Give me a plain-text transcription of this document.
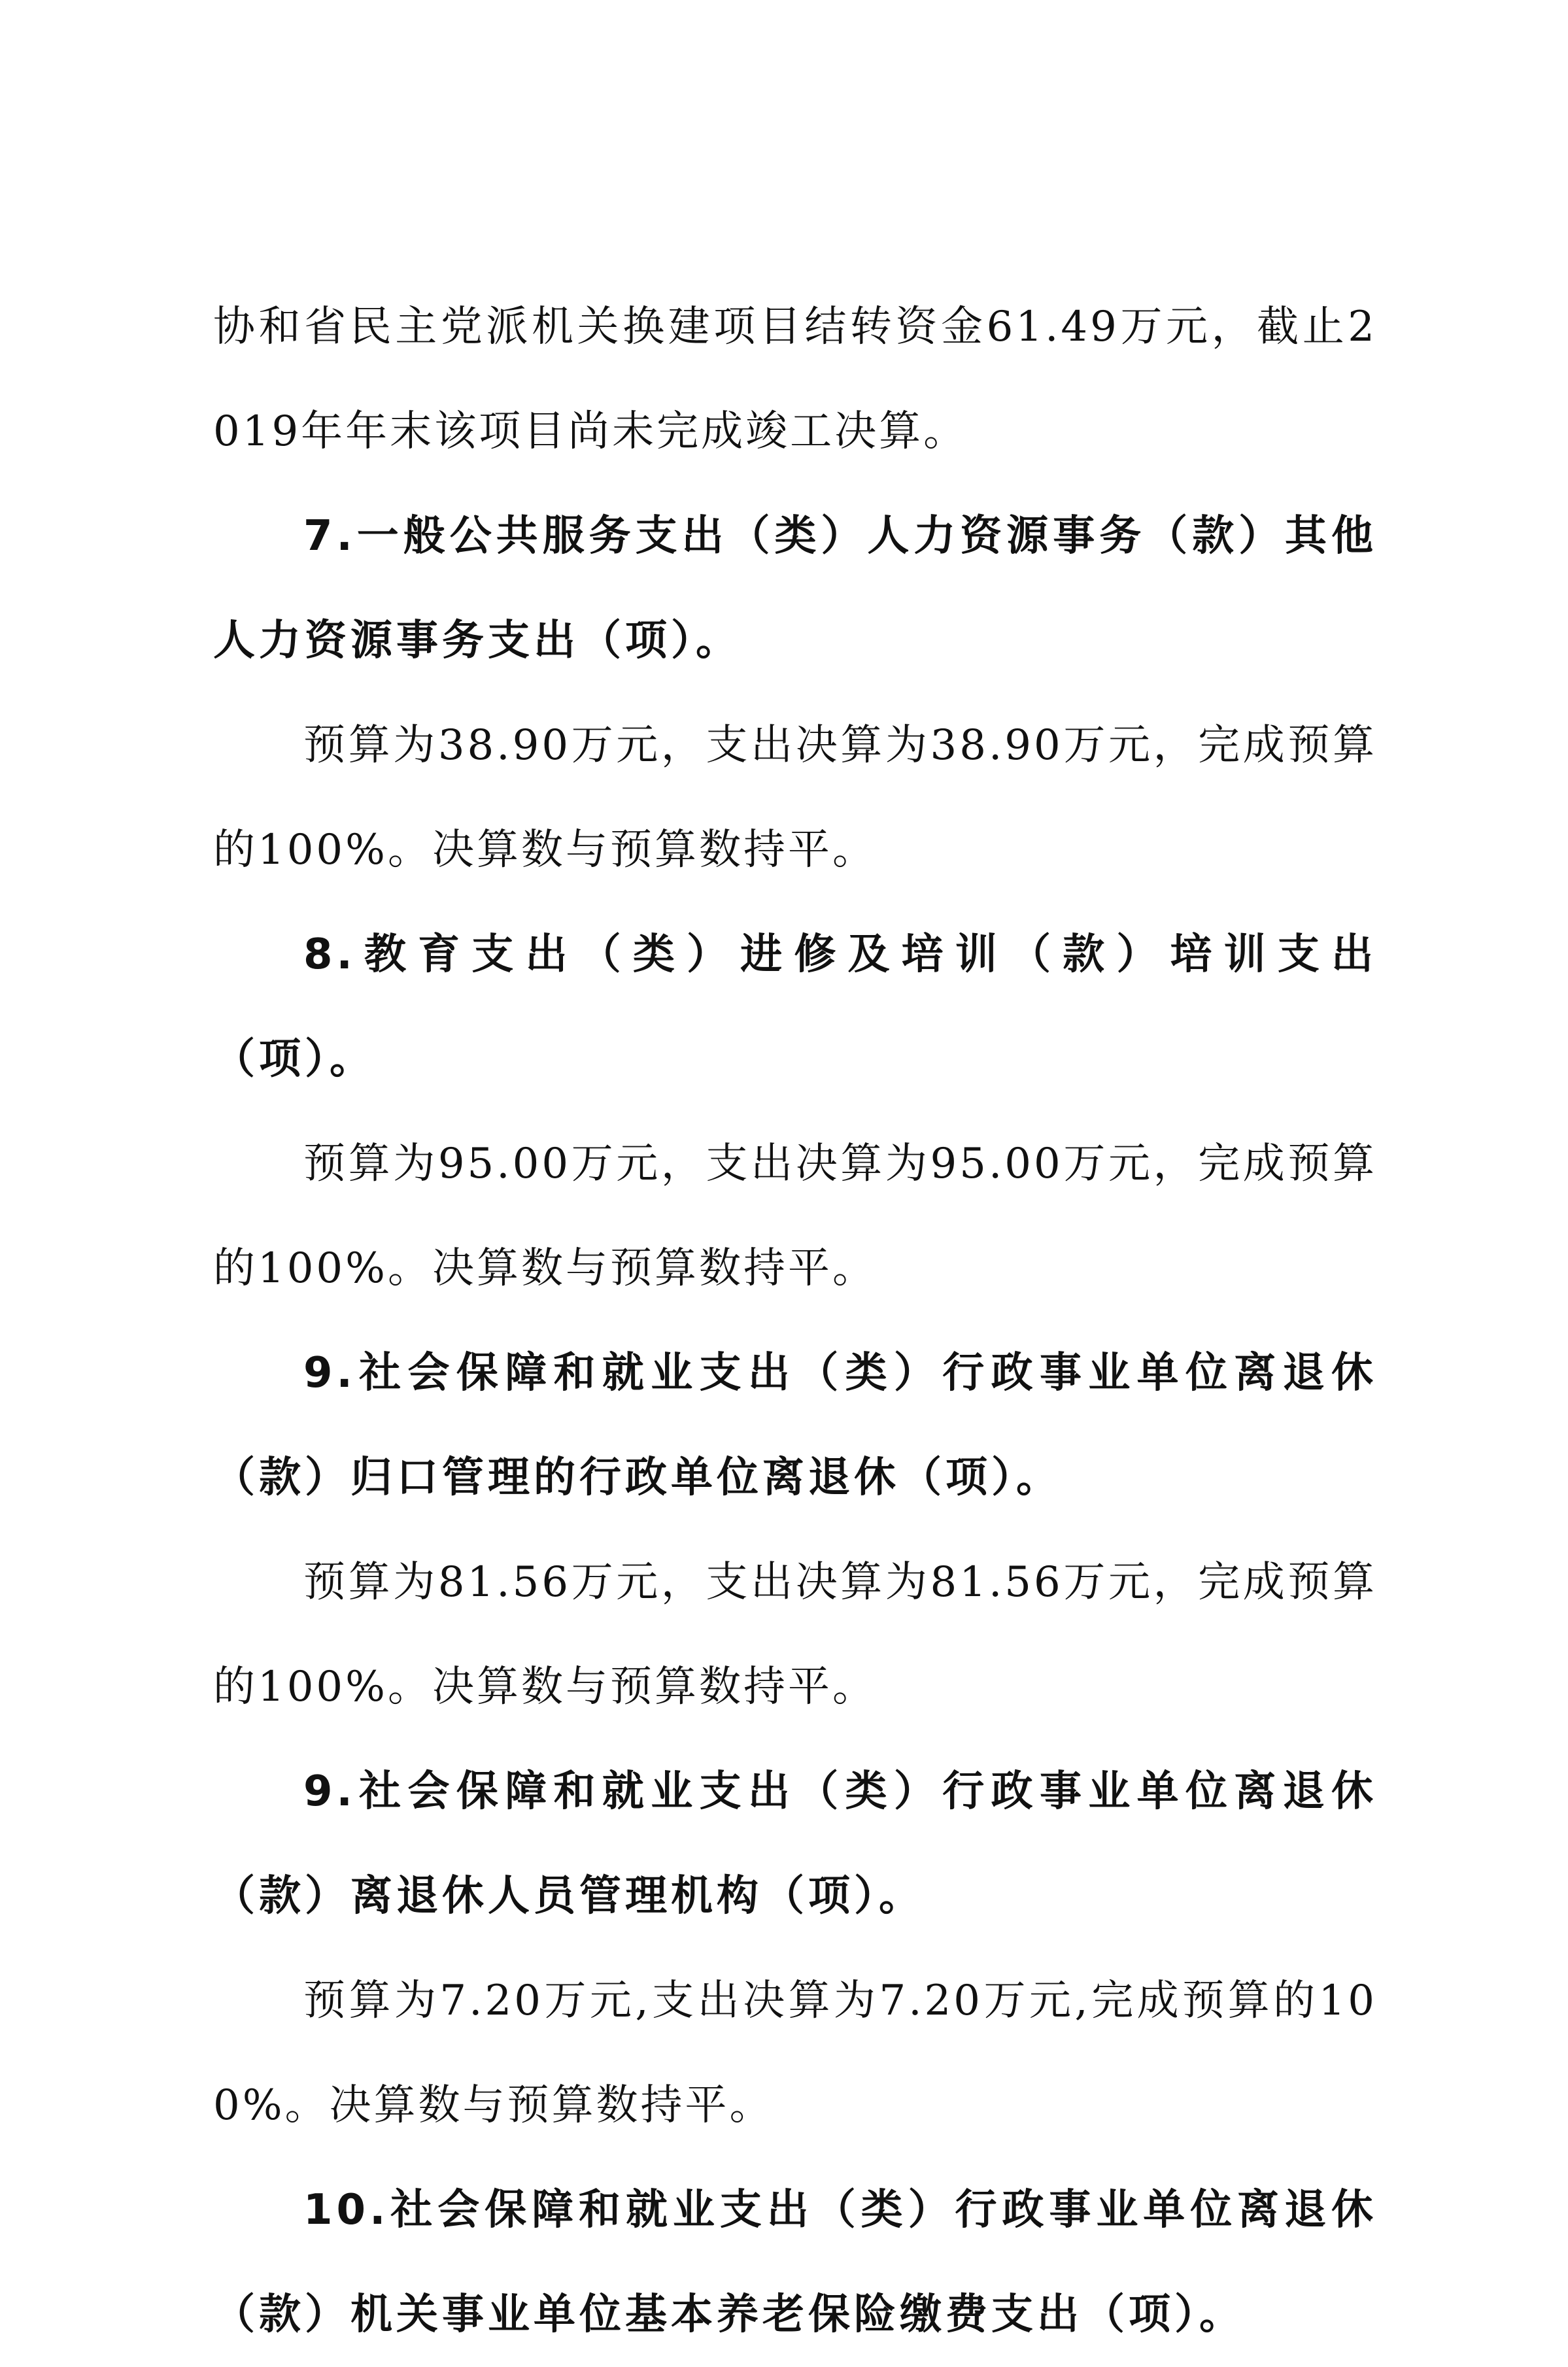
协和省民主党派机关换建项目结转资金61.49万元，截止2019年年末该项目尚未完成竣工决算。

7.一般公共服务支出（类）人力资源事务（款）其他人力资源事务支出（项）。

预算为38.90万元，支出决算为38.90万元，完成预算的100%。决算数与预算数持平。

8.教育支出（类）进修及培训（款）培训支出（项）。

预算为95.00万元，支出决算为95.00万元，完成预算的100%。决算数与预算数持平。

9.社会保障和就业支出（类）行政事业单位离退休（款）归口管理的行政单位离退休（项）。

预算为81.56万元，支出决算为81.56万元，完成预算的100%。决算数与预算数持平。

9.社会保障和就业支出（类）行政事业单位离退休（款）离退休人员管理机构（项）。

预算为7.20万元,支出决算为7.20万元,完成预算的100%。决算数与预算数持平。

10.社会保障和就业支出（类）行政事业单位离退休（款）机关事业单位基本养老保险缴费支出（项）。
